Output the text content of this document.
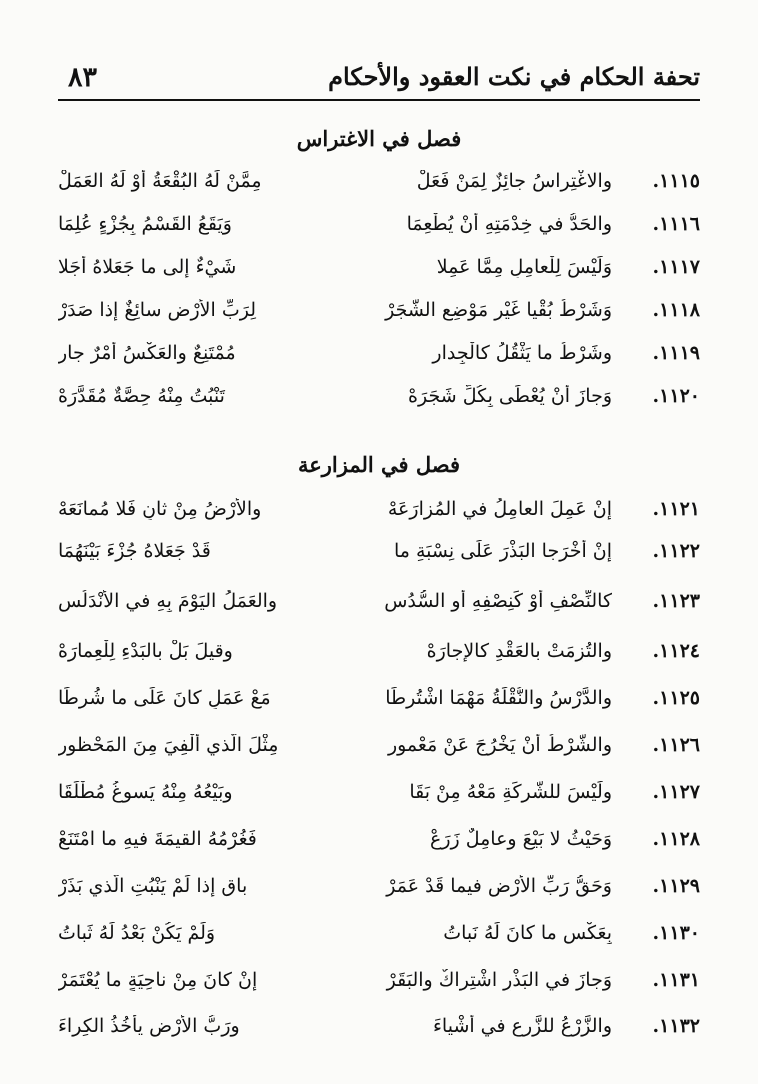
٨٣	تحفة الحكام في نكت العقود والأحكام
فصل في الاغتراس
١١١٥.
والاغْتِراسُ جائِزٌ لِمَنْ فَعَلْ
مِمَّنْ لَهُ البُقْعَةُ أوْ لَهُ العَمَلْ
١١١٦.
والحَدُّ في خِدْمَتِهِ أنْ يُطْعِمَا
وَيَقَعُ القَسْمُ بِجُزْءٍ عُلِمَا
١١١٧.
وَلَيْسَ لِلْعامِلِ مِمَّا عَمِلا
شَيْءٌ إلى ما جَعَلاهُ أجَلا
١١١٨.
وَشَرْطُ بُقْيا غَيْرِ مَوْضِعِ الشَّجَرْ
لِرَبِّ الأَرْضِ سائِغٌ إذا صَدَرْ
١١١٩.
وشَرْطُ ما يَثْقُلُ كالْجِدارِ
مُمْتَنِعٌ والعَكْسُ أمْرٌ جارِ
١١٢٠.
وَجازَ أنْ يُعْطَى بِكُلِّ شَجَرَهْ
تَنْبُتُ مِنْهُ حِصَّةٌ مُقَدَّرَهْ
فصل في المزارعة
١١٢١.
إنْ عَمِلَ العامِلُ في المُزارَعَهْ
والأرْضُ مِنْ ثانٍ فَلا مُمانَعَهْ
١١٢٢.
إنْ أخْرَجا البَذْرَ عَلَى نِسْبَةِ ما
قَدْ جَعَلاهُ جُزْءَ بَيْنَهُمَا
١١٢٣.
كالنِّصْفِ أوْ كَنِصْفِهِ أوِ السُّدُسِ
والعَمَلُ اليَوْمَ بِهِ في الأنْدَلُسِ
١١٢٤.
والتُزِمَتْ بالعَقْدِ كالإجارَهْ
وقيلَ بَلْ بالبَدْءِ لِلْعِمارَهْ
١١٢٥.
والدَّرْسُ والنُّقْلَةُ مَهْمَا اشْتُرِطَا
مَعْ عَمَلٍ كانَ عَلَى ما شُرِطَا
١١٢٦.
والشَّرْطُ أنْ يَخْرُجَ عَنْ مَعْمورِ
مِثْلَ الَّذي أُلْفِيَ مِنَ المَحْظورِ
١١٢٧.
ولَيْسَ للشَّرِكَةِ مَعْهُ مِنْ بَقَا
وبَيْعُهُ مِنْهُ يَسوغُ مُطْلَقَا
١١٢٨.
وَحَيْثُ لا بَيْعَ وعامِلٌ زَرَعْ
فَغُرْمُهُ القيمَةَ فيهِ ما امْتَنَعْ
١١٢٩.
وَحَقُّ رَبِّ الأرْضِ فيما قَدْ عَمَرْ
باقٍ إذا لَمْ يَنْبُتِ الَّذي بَذَرْ
١١٣٠.
بِعَكْسِ ما كانَ لَهُ نَباتُ
وَلَمْ يَكُنْ بَعْدُ لَهُ ثَباتُ
١١٣١.
وَجازَ في البَذْرِ اشْتِراكٌ والبَقَرْ
إنْ كانَ مِنْ ناحِيَةٍ ما يُعْتَمَرْ
١١٣٢.
والزَّرْعُ للزَّرعِ في أشْياءَ
ورَبُّ الأرْضِ يأخُذُ الكِراءَ
